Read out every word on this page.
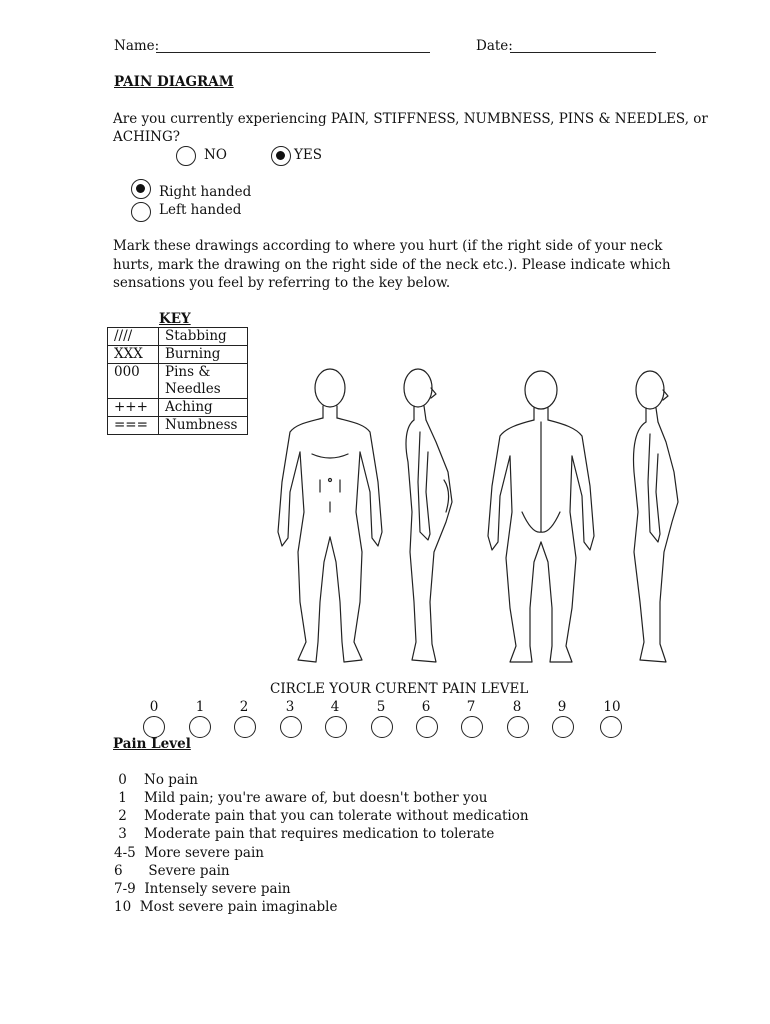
Name:	Date:
PAIN DIAGRAM
Are you currently experiencing PAIN, STIFFNESS, NUMBNESS, PINS & NEEDLES, or
ACHING?
NO	YES
Right handed
Left handed
Mark these drawings according to where you hurt (if the right side of your neck
hurts, mark the drawing on the right side of the neck etc.). Please indicate which
sensations you feel by referring to the key below.
KEY
////	Stabbing
XXX	Burning
000	Pins & Needles
+++	Aching
===	Numbness
CIRCLE YOUR CURENT PAIN LEVEL
0	1	2	3	4	5	6	7	8	9	10
Pain Level
0    No pain
1    Mild pain; you're aware of, but doesn't bother you
2    Moderate pain that you can tolerate without medication
3    Moderate pain that requires medication to tolerate
4-5  More severe pain
6      Severe pain
7-9  Intensely severe pain
10  Most severe pain imaginable
